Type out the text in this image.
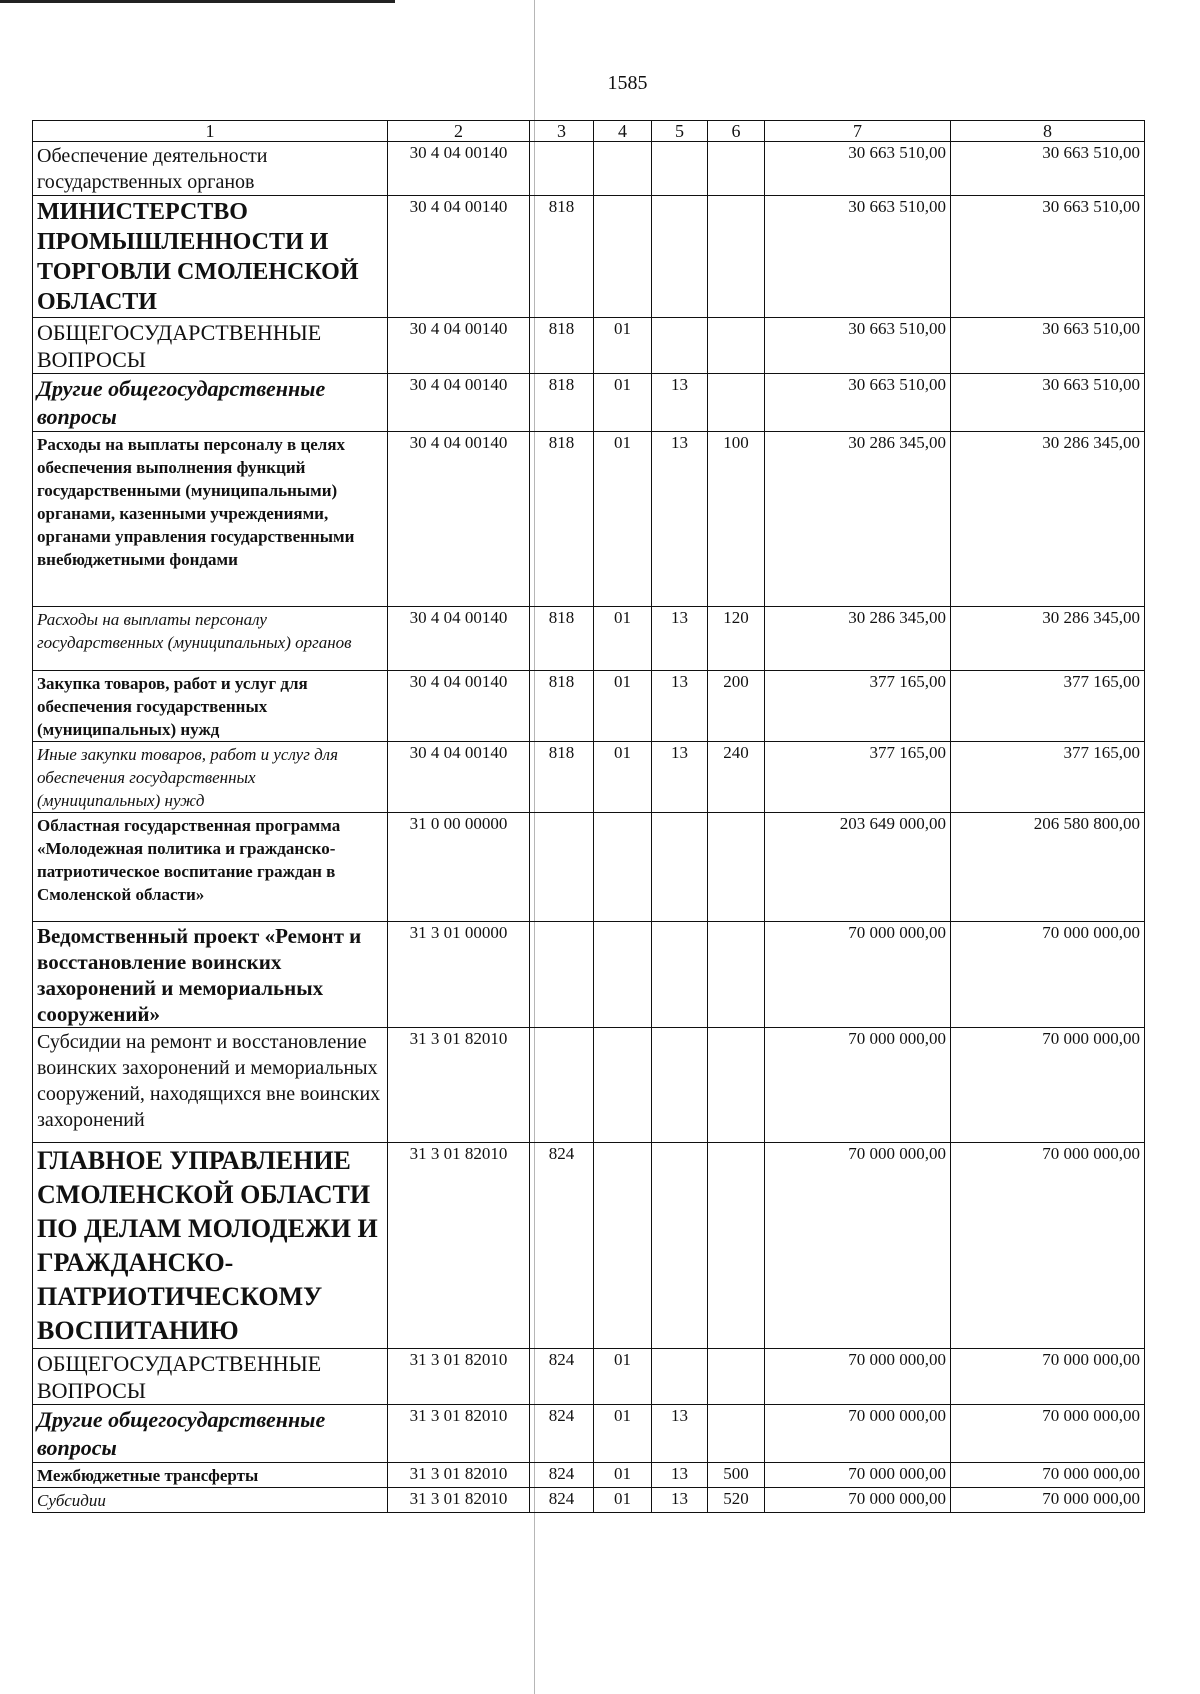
1585
1	2	3	4	5	6	7	8
Обеспечение деятельности государственных органов	30 4 04 00140					30 663 510,00	30 663 510,00
МИНИСТЕРСТВО ПРОМЫШЛЕННОСТИ И ТОРГОВЛИ СМОЛЕНСКОЙ ОБЛАСТИ	30 4 04 00140	818				30 663 510,00	30 663 510,00
ОБЩЕГОСУДАРСТВЕННЫЕ ВОПРОСЫ	30 4 04 00140	818	01			30 663 510,00	30 663 510,00
Другие общегосударственные вопросы	30 4 04 00140	818	01	13		30 663 510,00	30 663 510,00
Расходы на выплаты персоналу в целях обеспечения выполнения функций государственными (муниципальными) органами, казенными учреждениями, органами управления государственными внебюджетными фондами	30 4 04 00140	818	01	13	100	30 286 345,00	30 286 345,00
Расходы на выплаты персоналу государственных (муниципальных) органов	30 4 04 00140	818	01	13	120	30 286 345,00	30 286 345,00
Закупка товаров, работ и услуг для обеспечения государственных (муниципальных) нужд	30 4 04 00140	818	01	13	200	377 165,00	377 165,00
Иные закупки товаров, работ и услуг для обеспечения государственных (муниципальных) нужд	30 4 04 00140	818	01	13	240	377 165,00	377 165,00
Областная государственная программа «Молодежная политика и гражданско-патриотическое воспитание граждан в Смоленской области»	31 0 00 00000					203 649 000,00	206 580 800,00
Ведомственный проект «Ремонт и восстановление воинских захоронений и мемориальных сооружений»	31 3 01 00000					70 000 000,00	70 000 000,00
Субсидии на ремонт и восстановление воинских захоронений и мемориальных сооружений, находящихся вне воинских захоронений	31 3 01 82010					70 000 000,00	70 000 000,00
ГЛАВНОЕ УПРАВЛЕНИЕ СМОЛЕНСКОЙ ОБЛАСТИ ПО ДЕЛАМ МОЛОДЕЖИ И ГРАЖДАНСКО-ПАТРИОТИЧЕСКОМУ ВОСПИТАНИЮ	31 3 01 82010	824				70 000 000,00	70 000 000,00
ОБЩЕГОСУДАРСТВЕННЫЕ ВОПРОСЫ	31 3 01 82010	824	01			70 000 000,00	70 000 000,00
Другие общегосударственные вопросы	31 3 01 82010	824	01	13		70 000 000,00	70 000 000,00
Межбюджетные трансферты	31 3 01 82010	824	01	13	500	70 000 000,00	70 000 000,00
Субсидии	31 3 01 82010	824	01	13	520	70 000 000,00	70 000 000,00
